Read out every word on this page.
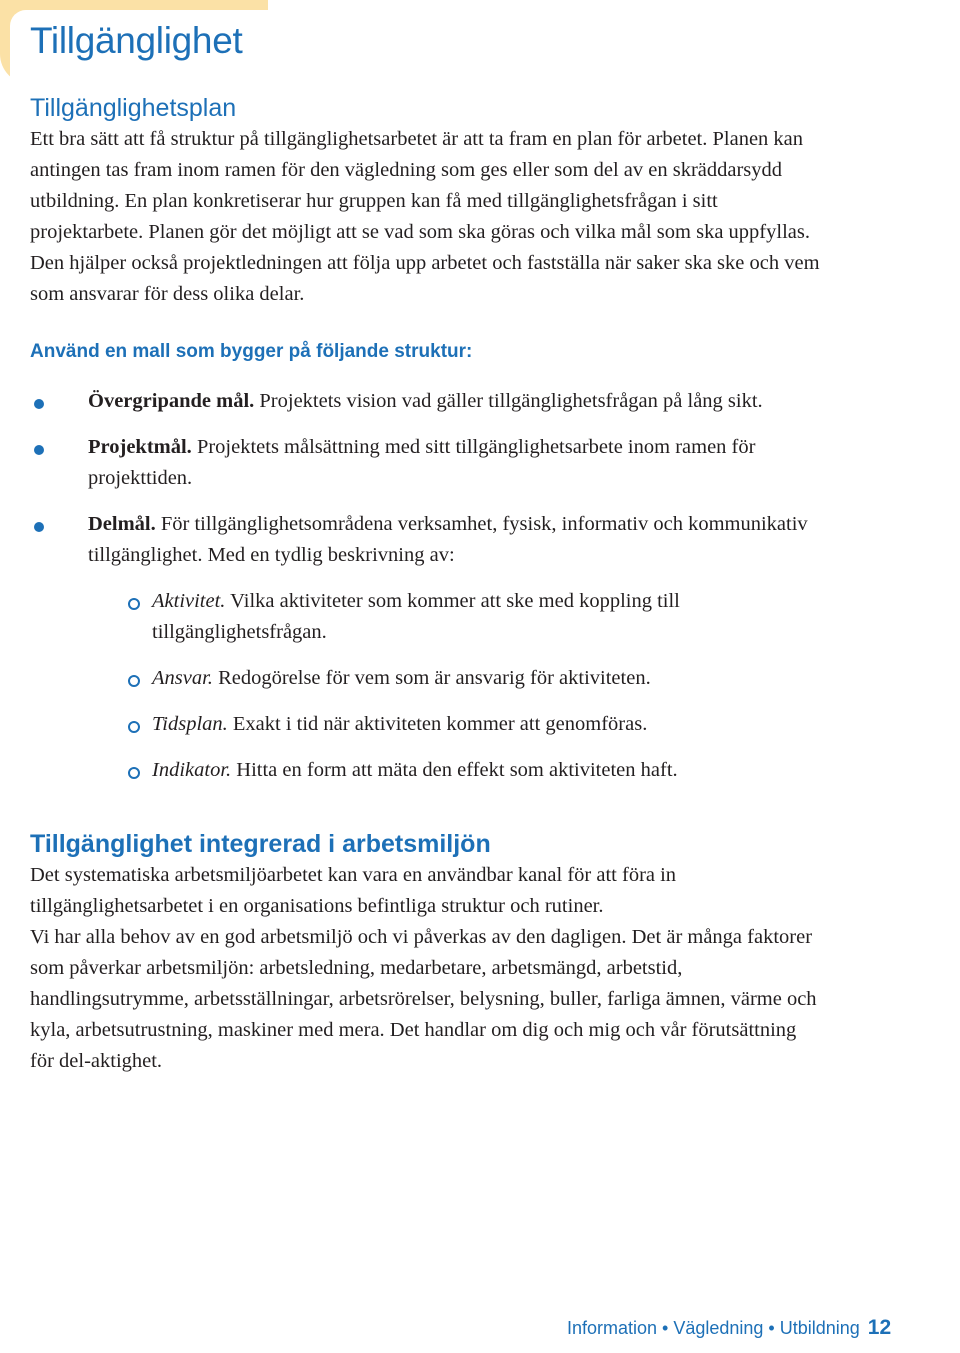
Tillgänglighet
Tillgänglighetsplan

Ett bra sätt att få struktur på tillgänglighetsarbetet är att ta fram en plan för arbetet. Planen kan antingen tas fram inom ramen för den vägledning som ges eller som del av en skräddarsydd utbildning. En plan konkretiserar hur gruppen kan få med tillgänglighetsfrågan i sitt projektarbete. Planen gör det möjligt att se vad som ska göras och vilka mål som ska uppfyllas. Den hjälper också projektledningen att följa upp arbetet och fastställa när saker ska ske och vem som ansvarar för dess olika delar.

Använd en mall som bygger på följande struktur:
Övergripande mål. Projektets vision vad gäller tillgänglighetsfrågan på lång sikt.
Projektmål. Projektets målsättning med sitt tillgänglighetsarbete inom ramen för projekttiden.
Delmål. För tillgänglighetsområdena verksamhet, fysisk, informativ och kommunikativ tillgänglighet. Med en tydlig beskrivning av:
Aktivitet. Vilka aktiviteter som kommer att ske med koppling till tillgänglighetsfrågan.
Ansvar. Redogörelse för vem som är ansvarig för aktiviteten.
Tidsplan. Exakt i tid när aktiviteten kommer att genomföras.
Indikator. Hitta en form att mäta den effekt som aktiviteten haft.
Tillgänglighet integrerad i arbetsmiljön

Det systematiska arbetsmiljöarbetet kan vara en användbar kanal för att föra in tillgänglighetsarbetet i en organisations befintliga struktur och rutiner.

Vi har alla behov av en god arbetsmiljö och vi påverkas av den dagligen. Det är många faktorer som påverkar arbetsmiljön: arbetsledning, medarbetare, arbetsmängd, arbetstid, handlingsutrymme, arbetsställningar, arbetsrörelser, belysning, buller, farliga ämnen, värme och kyla, arbetsutrustning, maskiner med mera. Det handlar om dig och mig och vår förutsättning för del-aktighet.

Information • Vägledning • Utbildning 12
